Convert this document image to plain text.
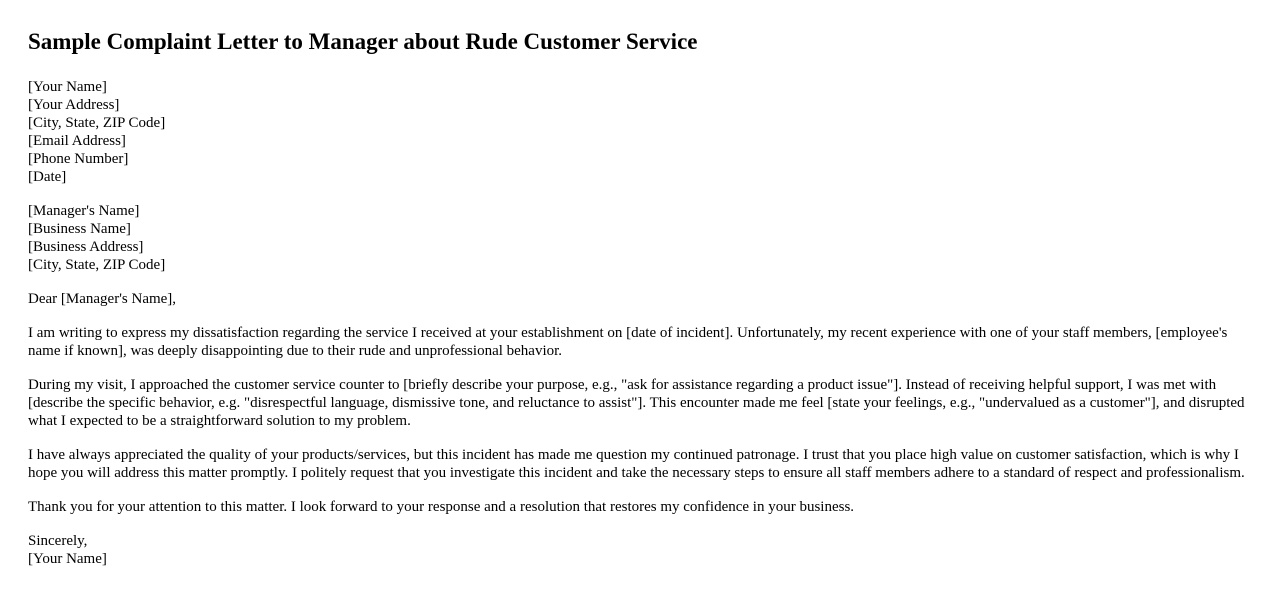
Sample Complaint Letter to Manager about Rude Customer Service
[Your Name]
[Your Address]
[City, State, ZIP Code]
[Email Address]
[Phone Number]
[Date]
[Manager's Name]
[Business Name]
[Business Address]
[City, State, ZIP Code]

Dear [Manager's Name],

I am writing to express my dissatisfaction regarding the service I received at your establishment on [date of incident]. Unfortunately, my recent experience with one of your staff members, [employee's name if known], was deeply disappointing due to their rude and unprofessional behavior.

During my visit, I approached the customer service counter to [briefly describe your purpose, e.g., "ask for assistance regarding a product issue"]. Instead of receiving helpful support, I was met with [describe the specific behavior, e.g. "disrespectful language, dismissive tone, and reluctance to assist"]. This encounter made me feel [state your feelings, e.g., "undervalued as a customer"], and disrupted what I expected to be a straightforward solution to my problem.

I have always appreciated the quality of your products/services, but this incident has made me question my continued patronage. I trust that you place high value on customer satisfaction, which is why I hope you will address this matter promptly. I politely request that you investigate this incident and take the necessary steps to ensure all staff members adhere to a standard of respect and professionalism.

Thank you for your attention to this matter. I look forward to your response and a resolution that restores my confidence in your business.

Sincerely,
[Your Name]
